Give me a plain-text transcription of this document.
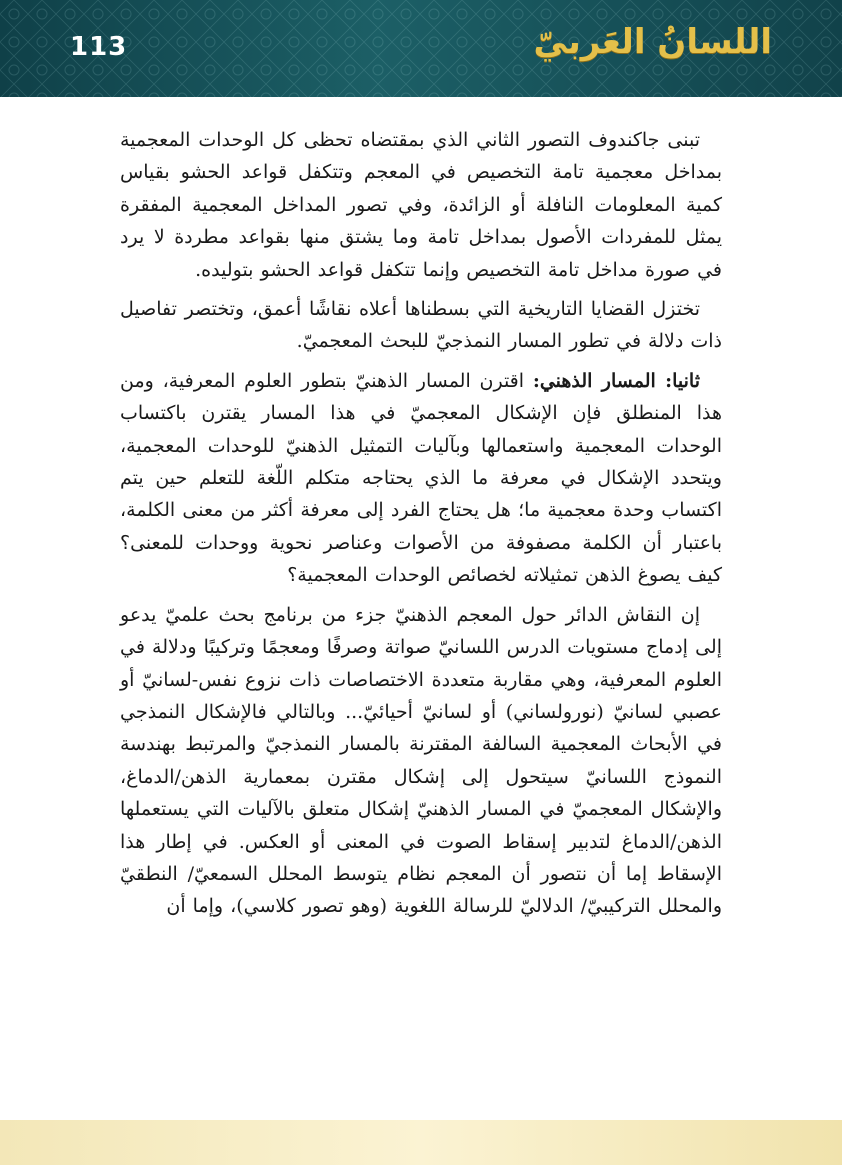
113	اللسانُ العَربيّ

تبنى جاكندوف التصور الثاني الذي بمقتضاه تحظى كل الوحدات المعجمية بمداخل معجمية تامة التخصيص في المعجم وتتكفل قواعد الحشو بقياس كمية المعلومات النافلة أو الزائدة، وفي تصور المداخل المعجمية المفقرة يمثل للمفردات الأصول بمداخل تامة وما يشتق منها بقواعد مطردة لا يرد في صورة مداخل تامة التخصيص وإنما تتكفل قواعد الحشو بتوليده.

تختزل القضايا التاريخية التي بسطناها أعلاه نقاشًا أعمق، وتختصر تفاصيل ذات دلالة في تطور المسار النمذجيّ للبحث المعجميّ.

ثانيا: المسار الذهني: اقترن المسار الذهنيّ بتطور العلوم المعرفية، ومن هذا المنطلق فإن الإشكال المعجميّ في هذا المسار يقترن باكتساب الوحدات المعجمية واستعمالها وبآليات التمثيل الذهنيّ للوحدات المعجمية، ويتحدد الإشكال في معرفة ما الذي يحتاجه متكلم اللّغة للتعلم حين يتم اكتساب وحدة معجمية ما؛ هل يحتاج الفرد إلى معرفة أكثر من معنى الكلمة، باعتبار أن الكلمة مصفوفة من الأصوات وعناصر نحوية ووحدات للمعنى؟ كيف يصوغ الذهن تمثيلاته لخصائص الوحدات المعجمية؟

إن النقاش الدائر حول المعجم الذهنيّ جزء من برنامج بحث علميّ يدعو إلى إدماج مستويات الدرس اللسانيّ صواتة وصرفًا ومعجمًا وتركيبًا ودلالة في العلوم المعرفية، وهي مقاربة متعددة الاختصاصات ذات نزوع نفس-لسانيّ أو عصبي لسانيّ (نورولساني) أو لسانيّ أحيائيّ... وبالتالي فالإشكال النمذجي في الأبحاث المعجمية السالفة المقترنة بالمسار النمذجيّ والمرتبط بهندسة النموذج اللسانيّ سيتحول إلى إشكال مقترن بمعمارية الذهن/الدماغ، والإشكال المعجميّ في المسار الذهنيّ إشكال متعلق بالآليات التي يستعملها الذهن/الدماغ لتدبير إسقاط الصوت في المعنى أو العكس. في إطار هذا الإسقاط إما أن نتصور أن المعجم نظام يتوسط المحلل السمعيّ/ النطقيّ والمحلل التركيبيّ/ الدلاليّ للرسالة اللغوية (وهو تصور كلاسي)، وإما أن
